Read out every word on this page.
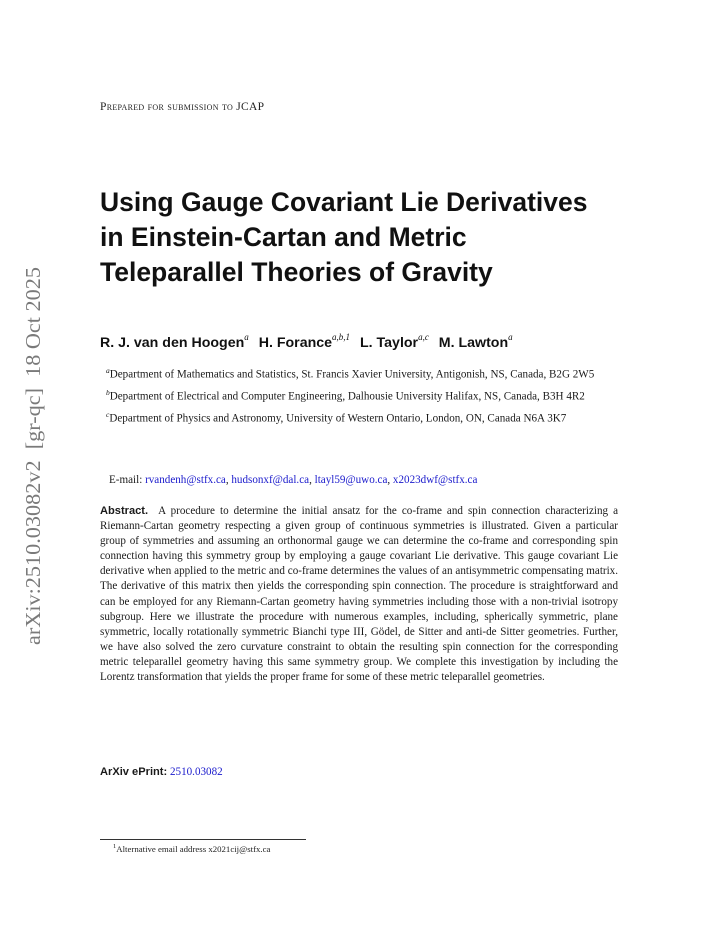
arXiv:2510.03082v2  [gr-qc]  18 Oct 2025
Prepared for submission to JCAP
Using Gauge Covariant Lie Derivatives
in Einstein-Cartan and Metric
Teleparallel Theories of Gravity
R. J. van den Hoogen$^a$ H. Forance$^{a,b,1}$ L. Taylor$^{a,c}$ M. Lawton$^a$

$^a$Department of Mathematics and Statistics, St. Francis Xavier University, Antigonish, NS, Canada, B2G 2W5

$^b$Department of Electrical and Computer Engineering, Dalhousie University Halifax, NS, Canada, B3H 4R2

$^c$Department of Physics and Astronomy, University of Western Ontario, London, ON, Canada N6A 3K7

E-mail: rvandenh@stfx.ca, hudsonxf@dal.ca, ltayl59@uwo.ca, x2023dwf@stfx.ca

Abstract. A procedure to determine the initial ansatz for the co-frame and spin connection characterizing a Riemann-Cartan geometry respecting a given group of continuous symmetries is illustrated. Given a particular group of symmetries and assuming an orthonormal gauge we can determine the co-frame and corresponding spin connection having this symmetry group by employing a gauge covariant Lie derivative. This gauge covariant Lie derivative when applied to the metric and co-frame determines the values of an antisymmetric compensating matrix. The derivative of this matrix then yields the corresponding spin connection. The procedure is straightforward and can be employed for any Riemann-Cartan geometry having symmetries including those with a non-trivial isotropy subgroup. Here we illustrate the procedure with numerous examples, including, spherically symmetric, plane symmetric, locally rotationally symmetric Bianchi type III, Gödel, de Sitter and anti-de Sitter geometries. Further, we have also solved the zero curvature constraint to obtain the resulting spin connection for the corresponding metric teleparallel geometry having this same symmetry group. We complete this investigation by including the Lorentz transformation that yields the proper frame for some of these metric teleparallel geometries.

ArXiv ePrint: 2510.03082
$^1$Alternative email address x2021cij@stfx.ca
